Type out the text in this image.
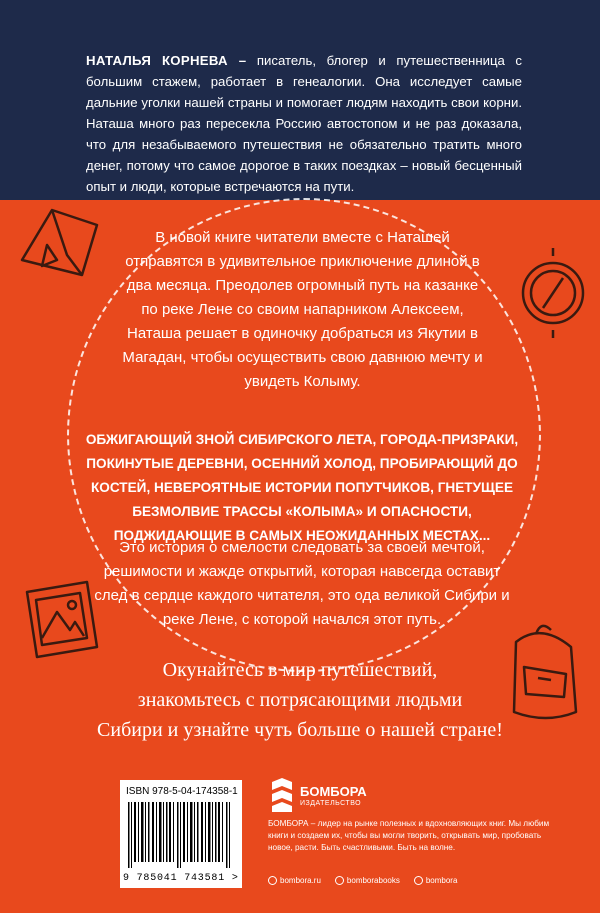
НАТАЛЬЯ КОРНЕВА – писатель, блогер и путешественница с большим стажем, работает в генеалогии. Она исследует самые дальние уголки нашей страны и помогает людям находить свои корни. Наташа много раз пересекла Россию автостопом и не раз доказала, что для незабываемого путешествия не обязательно тратить много денег, потому что самое дорогое в таких поездках – новый бесценный опыт и люди, которые встречаются на пути.

В новой книге читатели вместе с Наташей отправятся в удивительное приключение длиной в два месяца. Преодолев огромный путь на казанке по реке Лене со своим напарником Алексеем, Наташа решает в одиночку добраться из Якутии в Магадан, чтобы осуществить свою давнюю мечту и увидеть Колыму.

ОБЖИГАЮЩИЙ ЗНОЙ СИБИРСКОГО ЛЕТА, ГОРОДА-ПРИЗРАКИ, ПОКИНУТЫЕ ДЕРЕВНИ, ОСЕННИЙ ХОЛОД, ПРОБИРАЮЩИЙ ДО КОСТЕЙ, НЕВЕРОЯТНЫЕ ИСТОРИИ ПОПУТЧИКОВ, ГНЕТУЩЕЕ БЕЗМОЛВИЕ ТРАССЫ «КОЛЫМА» И ОПАСНОСТИ, ПОДЖИДАЮЩИЕ В САМЫХ НЕОЖИДАННЫХ МЕСТАХ...

Это история о смелости следовать за своей мечтой, решимости и жажде открытий, которая навсегда оставит след в сердце каждого читателя, это ода великой Сибири и реке Лене, с которой начался этот путь.

Окунайтесь в мир путешествий,
знакомьтесь с потрясающими людьми
Сибири и узнайте чуть больше о нашей стране!
ISBN 978-5-04-174358-1
9 785041 743581 >
БОМБОРА
ИЗДАТЕЛЬСТВО
БОМБОРА – лидер на рынке полезных и вдохновляющих книг. Мы любим книги и создаем их, чтобы вы могли творить, открывать мир, пробовать новое, расти. Быть счастливыми. Быть на волне.
bombora.ru	bomborabooks	bombora
